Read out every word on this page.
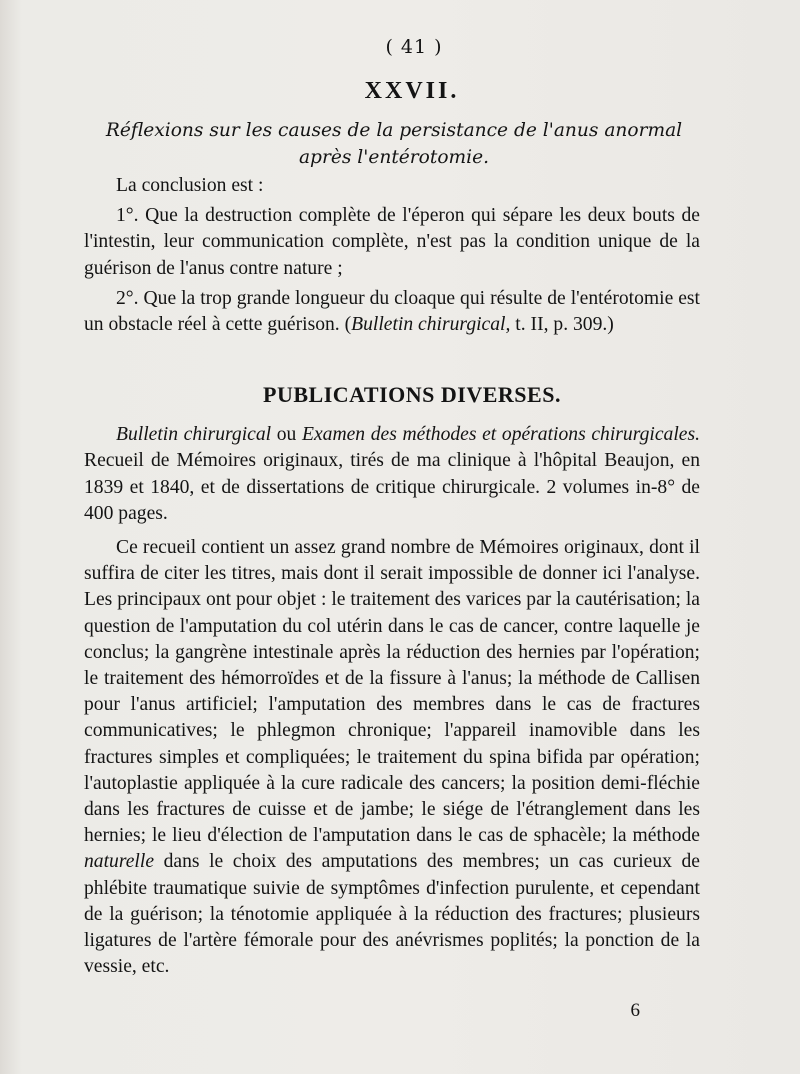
( 41 )
XXVII.

Réflexions sur les causes de la persistance de l'anus anormal après l'entérotomie.

La conclusion est :

1°. Que la destruction complète de l'éperon qui sépare les deux bouts de l'intestin, leur communication complète, n'est pas la condition unique de la guérison de l'anus contre nature ;

2°. Que la trop grande longueur du cloaque qui résulte de l'entérotomie est un obstacle réel à cette guérison. (Bulletin chirurgical, t. II, p. 309.)

PUBLICATIONS DIVERSES.

Bulletin chirurgical ou Examen des méthodes et opérations chirurgicales. Recueil de Mémoires originaux, tirés de ma clinique à l'hôpital Beaujon, en 1839 et 1840, et de dissertations de critique chirurgicale. 2 volumes in-8° de 400 pages.

Ce recueil contient un assez grand nombre de Mémoires originaux, dont il suffira de citer les titres, mais dont il serait impossible de donner ici l'analyse. Les principaux ont pour objet : le traitement des varices par la cautérisation; la question de l'amputation du col utérin dans le cas de cancer, contre laquelle je conclus; la gangrène intestinale après la réduction des hernies par l'opération; le traitement des hémorroïdes et de la fissure à l'anus; la méthode de Callisen pour l'anus artificiel; l'amputation des membres dans le cas de fractures communicatives; le phlegmon chronique; l'appareil inamovible dans les fractures simples et compliquées; le traitement du spina bifida par opération; l'autoplastie appliquée à la cure radicale des cancers; la position demi-fléchie dans les fractures de cuisse et de jambe; le siége de l'étranglement dans les hernies; le lieu d'élection de l'amputation dans le cas de sphacèle; la méthode naturelle dans le choix des amputations des membres; un cas curieux de phlébite traumatique suivie de symptômes d'infection purulente, et cependant de la guérison; la ténotomie appliquée à la réduction des fractures; plusieurs ligatures de l'artère fémorale pour des anévrismes poplités; la ponction de la vessie, etc.

6
